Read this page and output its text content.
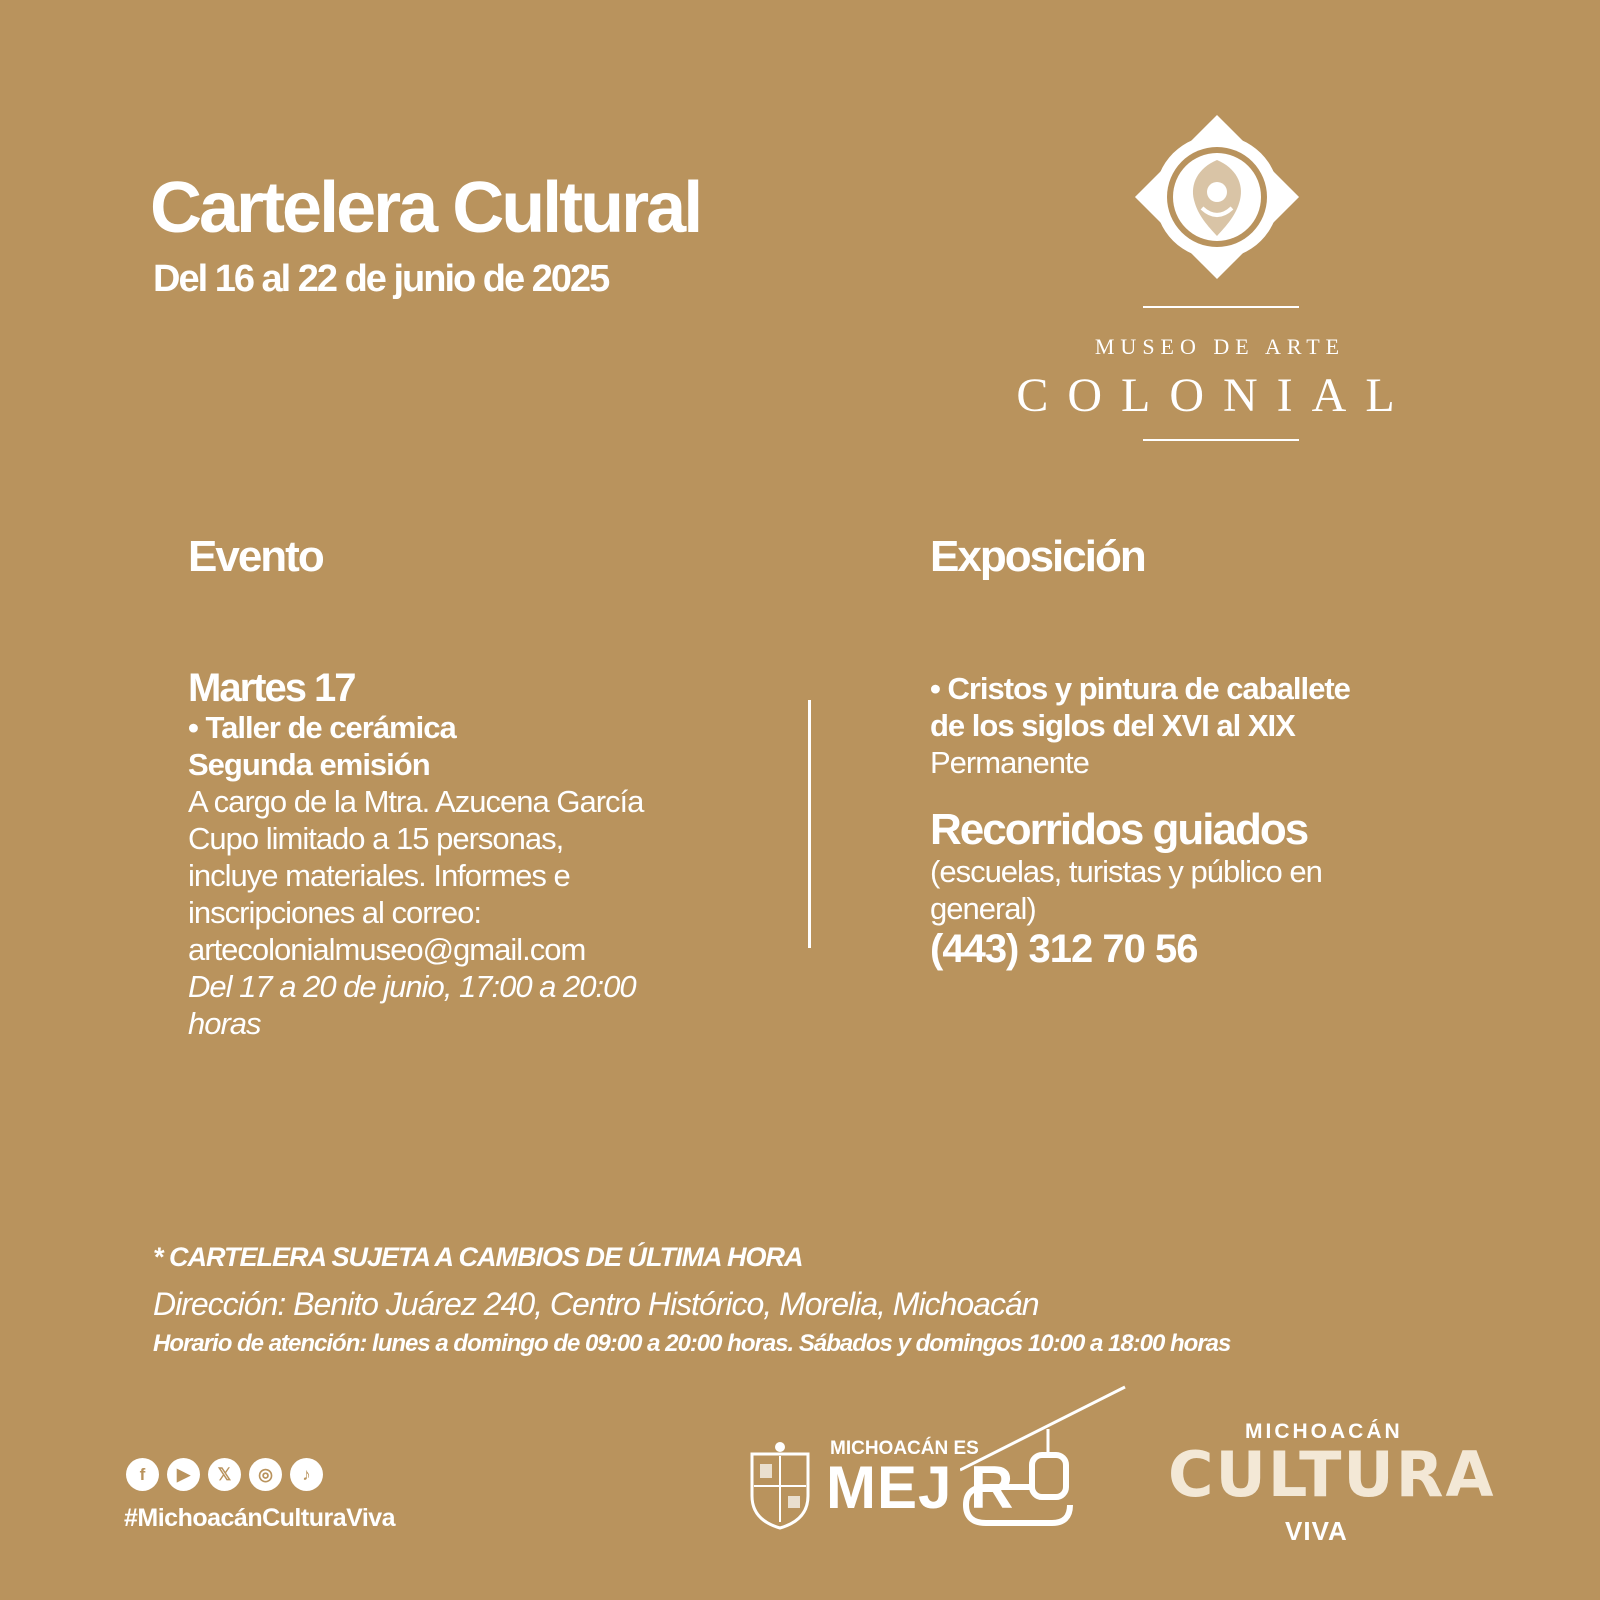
Cartelera Cultural
Del 16 al 22 de junio de 2025
MUSEO DE ARTE
COLONIAL
Evento	Exposición
Martes 17
• Taller de cerámica
Segunda emisión
A cargo de la Mtra. Azucena García
Cupo limitado a 15 personas,
incluye materiales. Informes e
inscripciones al correo:
artecolonialmuseo@gmail.com
Del 17 a 20 de junio, 17:00 a 20:00
horas
• Cristos y pintura de caballete
de los siglos del XVI al XIX
Permanente
Recorridos guiados
(escuelas, turistas y público en
general)
(443) 312 70 56
* CARTELERA SUJETA A CAMBIOS DE ÚLTIMA HORA
Dirección: Benito Juárez 240, Centro Histórico, Morelia, Michoacán
Horario de atención: lunes a domingo de 09:00 a 20:00 horas. Sábados y domingos 10:00 a 18:00 horas
f	▶	𝕏	◎	♪
#MichoacánCulturaViva
MICHOACÁN ES
MEJ R
MICHOACÁN
CULTURA
VIVA
